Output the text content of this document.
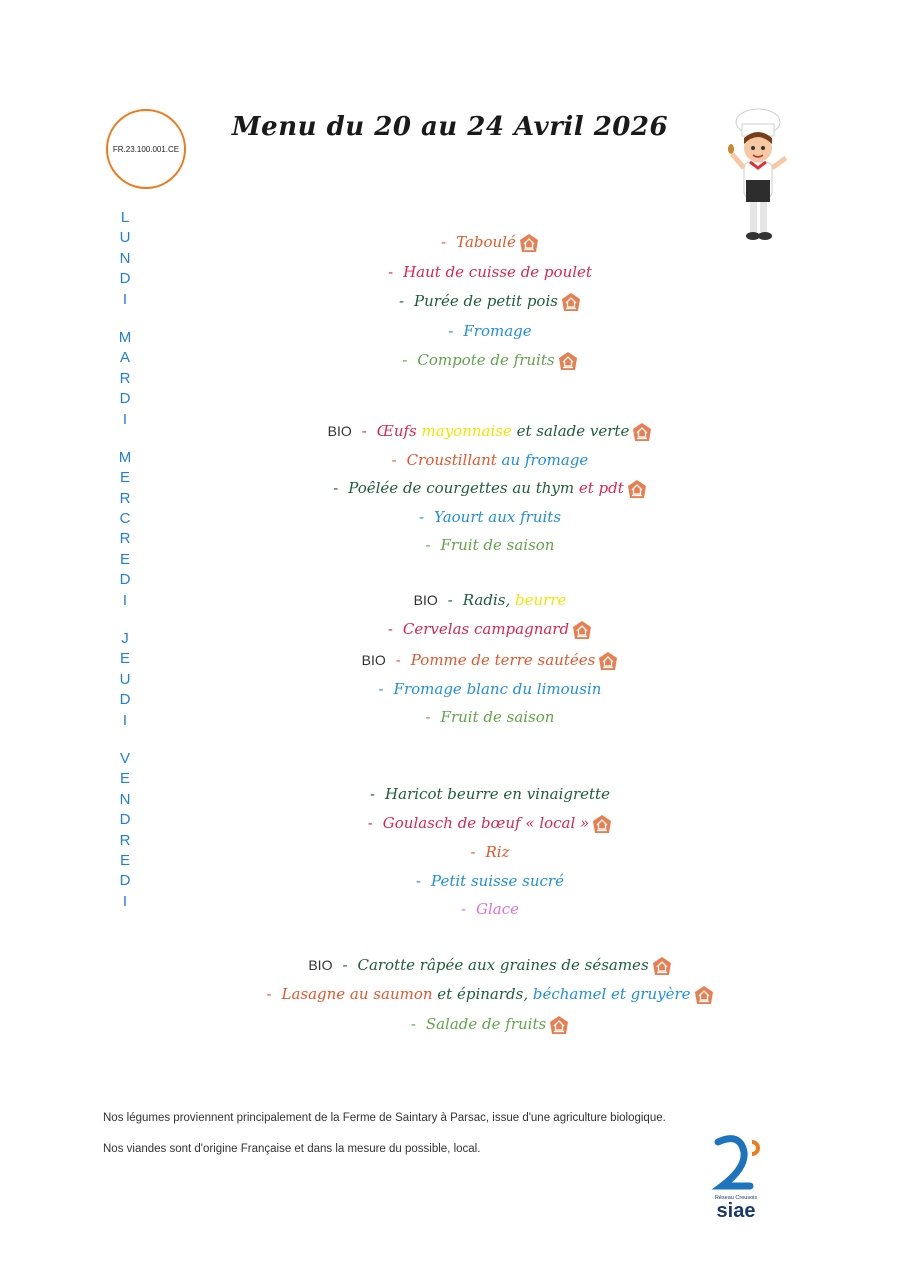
FR.23.100.001.CE
Menu du 20 au 24 Avril 2026
L
U
N
D
I
M
A
R
D
I
M
E
R
C
R
E
D
I
J
E
U
D
I
V
E
N
D
R
E
D
I
- Taboulé
- Haut de cuisse de poulet
- Purée de petit pois
- Fromage
- Compote de fruits
BIO - Œufs mayonnaise et salade verte
- Croustillant au fromage
- Poêlée de courgettes au thym et pdt
- Yaourt aux fruits
- Fruit de saison
BIO - Radis, beurre
- Cervelas campagnard
BIO - Pomme de terre sautées
- Fromage blanc du limousin
- Fruit de saison
- Haricot beurre en vinaigrette
- Goulasch de bœuf « local »
- Riz
- Petit suisse sucré
- Glace
BIO - Carotte râpée aux graines de sésames
- Lasagne au saumon et épinards, béchamel et gruyère
- Salade de fruits

Nos légumes proviennent principalement de la Ferme de Saintary à Parsac, issue d'une agriculture biologique.

Nos viandes sont d'origine Française et dans la mesure du possible, local.

Réseau Creusois
siae
